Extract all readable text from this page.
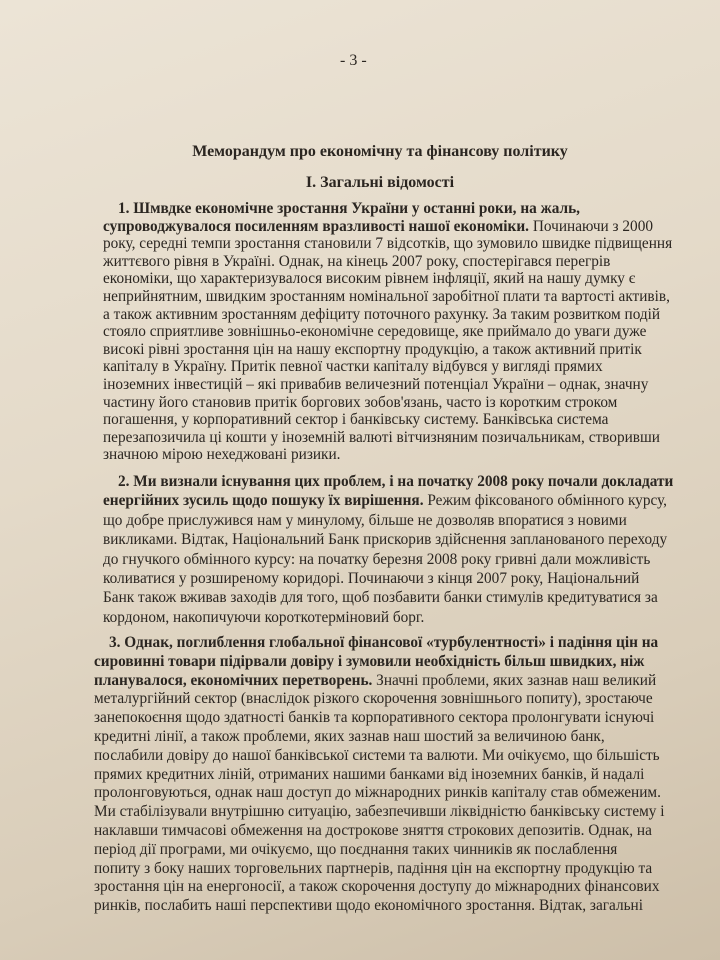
- 3 -
Меморандум про економічну та фінансову політику
I. Загальні відомості
1. Шмвдке економічне зростання України у останні роки, на жаль,
супроводжувалося посиленням вразливості нашої економіки. Починаючи з 2000
року, середні темпи зростання становили 7 відсотків, що зумовило швидке підвищення
життєвого рівня в Україні. Однак, на кінець 2007 року, спостерігався перегрів
економіки, що характеризувалося високим рівнем інфляції, який на нашу думку є
неприйнятним, швидким зростанням номінальної заробітної плати та вартості активів,
а також активним зростанням дефіциту поточного рахунку. За таким розвитком подій
стояло сприятливе зовнішньо-економічне середовище, яке приймало до уваги дуже
високі рівні зростання цін на нашу експортну продукцію, а також активний притік
капіталу в Україну. Притік певної частки капіталу відбувся у вигляді прямих
іноземних інвестицій – які привабив величезний потенціал України – однак, значну
частину його становив притік боргових зобов'язань, часто із коротким строком
погашення, у корпоративний сектор і банківську систему. Банківська система
перезапозичила ці кошти у іноземній валюті вітчизняним позичальникам, створивши
значною мірою нехеджовані ризики.
2. Ми визнали існування цих проблем, і на початку 2008 року почали докладати
енергійних зусиль щодо пошуку їх вирішення. Режим фіксованого обмінного курсу,
що добре прислужився нам у минулому, більше не дозволяв впоратися з новими
викликами. Відтак, Національний Банк прискорив здійснення запланованого переходу
до гнучкого обмінного курсу: на початку березня 2008 року гривні дали можливість
коливатися у розширеному коридорі. Починаючи з кінця 2007 року, Національний
Банк також вживав заходів для того, щоб позбавити банки стимулів кредитуватися за
кордоном, накопичуючи короткотерміновий борг.
3. Однак, поглиблення глобальної фінансової «турбулентності» і падіння цін на
сировинні товари підірвали довіру і зумовили необхідність більш швидких, ніж
планувалося, економічних перетворень. Значні проблеми, яких зазнав наш великий
металургійний сектор (внаслідок різкого скорочення зовнішнього попиту), зростаюче
занепокоєння щодо здатності банків та корпоративного сектора пролонгувати існуючі
кредитні лінії, а також проблеми, яких зазнав наш шостий за величиною банк,
послабили довіру до нашої банківської системи та валюти. Ми очікуємо, що більшість
прямих кредитних ліній, отриманих нашими банками від іноземних банків, й надалі
пролонговуються, однак наш доступ до міжнародних ринків капіталу став обмеженим.
Ми стабілізували внутрішню ситуацію, забезпечивши ліквідністю банківську систему і
наклавши тимчасові обмеження на дострокове зняття строкових депозитів. Однак, на
період дії програми, ми очікуємо, що поєднання таких чинників як послаблення
попиту з боку наших торговельних партнерів, падіння цін на експортну продукцію та
зростання цін на енергоносії, а також скорочення доступу до міжнародних фінансових
ринків, послабить наші перспективи щодо економічного зростання. Відтак, загальні
